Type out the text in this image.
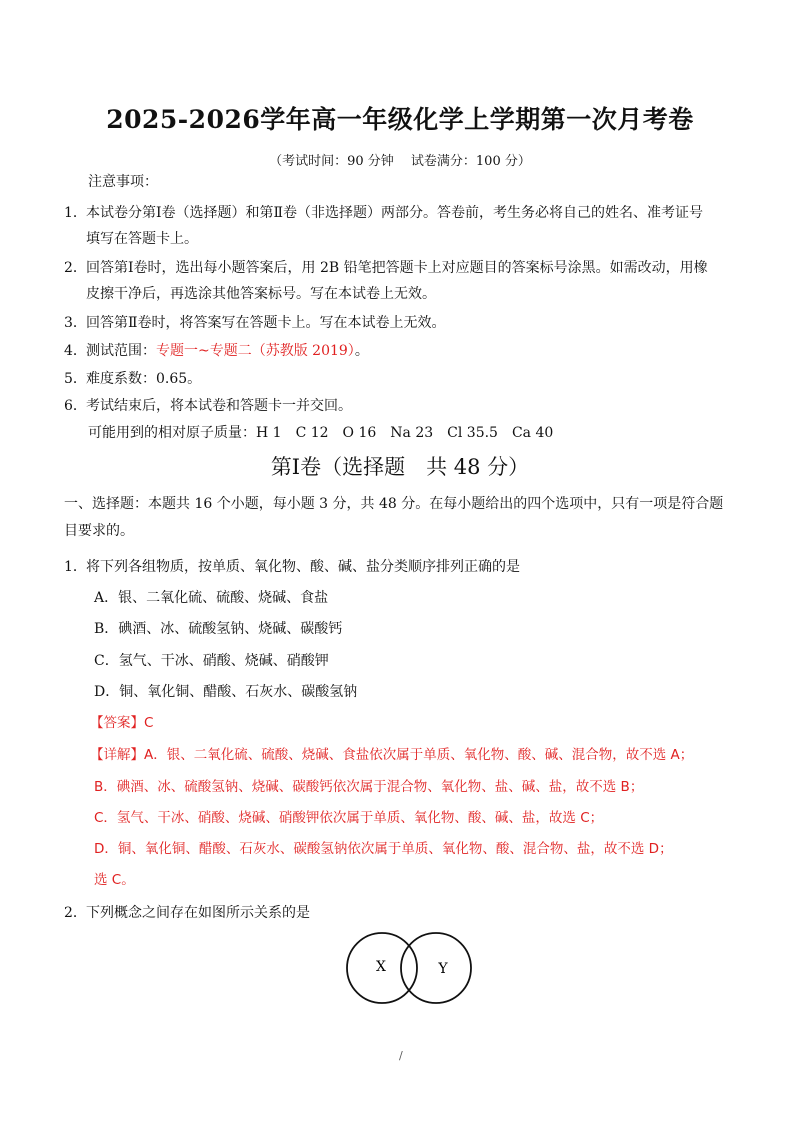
2025-2026学年高一年级化学上学期第一次月考卷
（考试时间：90 分钟　 试卷满分：100 分）
注意事项：
1．本试卷分第Ⅰ卷（选择题）和第Ⅱ卷（非选择题）两部分。答卷前，考生务必将自己的姓名、准考证号
填写在答题卡上。
2．回答第Ⅰ卷时，选出每小题答案后，用 2B 铅笔把答题卡上对应题目的答案标号涂黑。如需改动，用橡
皮擦干净后，再选涂其他答案标号。写在本试卷上无效。
3．回答第Ⅱ卷时，将答案写在答题卡上。写在本试卷上无效。
4．测试范围：专题一~专题二（苏教版 2019）。
5．难度系数：0.65。
6．考试结束后，将本试卷和答题卡一并交回。
可能用到的相对原子质量：H 1　C 12　O 16　Na 23　Cl 35.5　Ca 40
第Ⅰ卷（选择题　共 48 分）
一、选择题：本题共 16 个小题，每小题 3 分，共 48 分。在每小题给出的四个选项中，只有一项是符合题
目要求的。
1．将下列各组物质，按单质、氧化物、酸、碱、盐分类顺序排列正确的是
A．银、二氧化硫、硫酸、烧碱、食盐
B．碘酒、冰、硫酸氢钠、烧碱、碳酸钙
C．氢气、干冰、硝酸、烧碱、硝酸钾
D．铜、氧化铜、醋酸、石灰水、碳酸氢钠
【答案】C
【详解】A．银、二氧化硫、硫酸、烧碱、食盐依次属于单质、氧化物、酸、碱、混合物，故不选 A；
B．碘酒、冰、硫酸氢钠、烧碱、碳酸钙依次属于混合物、氧化物、盐、碱、盐，故不选 B；
C．氢气、干冰、硝酸、烧碱、硝酸钾依次属于单质、氧化物、酸、碱、盐，故选 C；
D．铜、氧化铜、醋酸、石灰水、碳酸氢钠依次属于单质、氧化物、酸、混合物、盐，故不选 D；
选 C。
2．下列概念之间存在如图所示关系的是
X	Y
/
